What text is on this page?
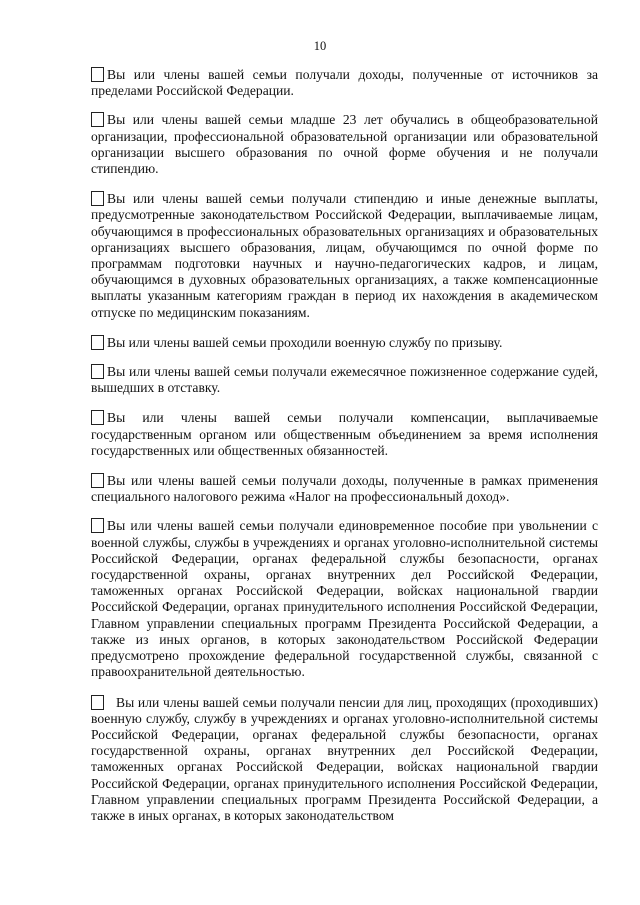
10

Вы или члены вашей семьи получали доходы, полученные от источников за пределами Российской Федерации.

Вы или члены вашей семьи младше 23 лет обучались в общеобразовательной организации, профессиональной образовательной организации или образовательной организации высшего образования по очной форме обучения и не получали стипендию.

Вы или члены вашей семьи получали стипендию и иные денежные выплаты, предусмотренные законодательством Российской Федерации, выплачиваемые лицам, обучающимся в профессиональных образовательных организациях и образовательных организациях высшего образования, лицам, обучающимся по очной форме по программам подготовки научных и научно-педагогических кадров, и лицам, обучающимся в духовных образовательных организациях, а также компенсационные выплаты указанным категориям граждан в период их нахождения в академическом отпуске по медицинским показаниям.

Вы или члены вашей семьи проходили военную службу по призыву.

Вы или члены вашей семьи получали ежемесячное пожизненное содержание судей, вышедших в отставку.

Вы или члены вашей семьи получали компенсации, выплачиваемые государственным органом или общественным объединением за время исполнения государственных или общественных обязанностей.

Вы или члены вашей семьи получали доходы, полученные в рамках применения специального налогового режима «Налог на профессиональный доход».

Вы или члены вашей семьи получали единовременное пособие при увольнении с военной службы, службы в учреждениях и органах уголовно-исполнительной системы Российской Федерации, органах федеральной службы безопасности, органах государственной охраны, органах внутренних дел Российской Федерации, таможенных органах Российской Федерации, войсках национальной гвардии Российской Федерации, органах принудительного исполнения Российской Федерации, Главном управлении специальных программ Президента Российской Федерации, а также из иных органов, в которых законодательством Российской Федерации предусмотрено прохождение федеральной государственной службы, связанной с правоохранительной деятельностью.

Вы или члены вашей семьи получали пенсии для лиц, проходящих (проходивших) военную службу, службу в учреждениях и органах уголовно-исполнительной системы Российской Федерации, органах федеральной службы безопасности, органах государственной охраны, органах внутренних дел Российской Федерации, таможенных органах Российской Федерации, войсках национальной гвардии Российской Федерации, органах принудительного исполнения Российской Федерации, Главном управлении специальных программ Президента Российской Федерации, а также в иных органах, в которых законодательством
